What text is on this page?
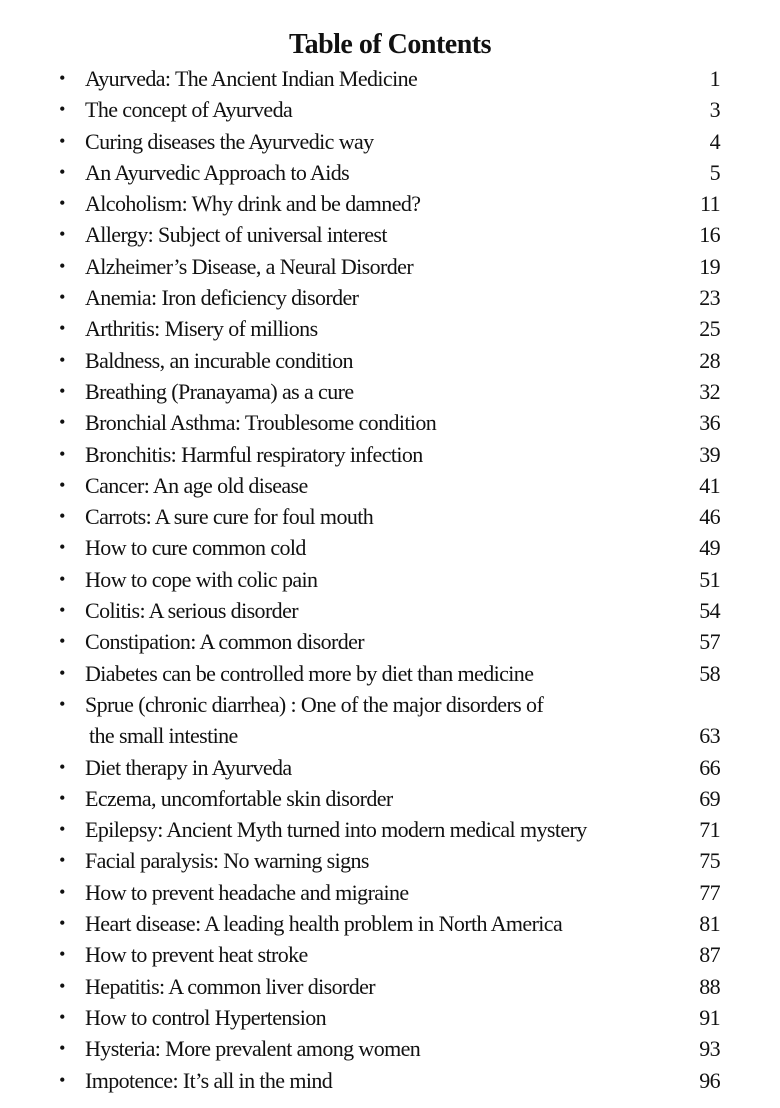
Table of Contents
• Ayurveda: The Ancient Indian Medicine	1
• The concept of Ayurveda	3
• Curing diseases the Ayurvedic way	4
• An Ayurvedic Approach to Aids	5
• Alcoholism: Why drink and be damned?	11
• Allergy: Subject of universal interest	16
• Alzheimer’s Disease, a Neural Disorder	19
• Anemia: Iron deficiency disorder	23
• Arthritis: Misery of millions	25
• Baldness, an incurable condition	28
• Breathing (Pranayama) as a cure	32
• Bronchial Asthma: Troublesome condition	36
• Bronchitis: Harmful respiratory infection	39
• Cancer: An age old disease	41
• Carrots: A sure cure for foul mouth	46
• How to cure common cold	49
• How to cope with colic pain	51
• Colitis: A serious disorder	54
• Constipation: A common disorder	57
• Diabetes can be controlled more by diet than medicine	58
• Sprue (chronic diarrhea) : One of the major disorders of
the small intestine	63
• Diet therapy in Ayurveda	66
• Eczema, uncomfortable skin disorder	69
• Epilepsy: Ancient Myth turned into modern medical mystery	71
• Facial paralysis: No warning signs	75
• How to prevent headache and migraine	77
• Heart disease: A leading health problem in North America	81
• How to prevent heat stroke	87
• Hepatitis: A common liver disorder	88
• How to control Hypertension	91
• Hysteria: More prevalent among women	93
• Impotence: It’s all in the mind	96
